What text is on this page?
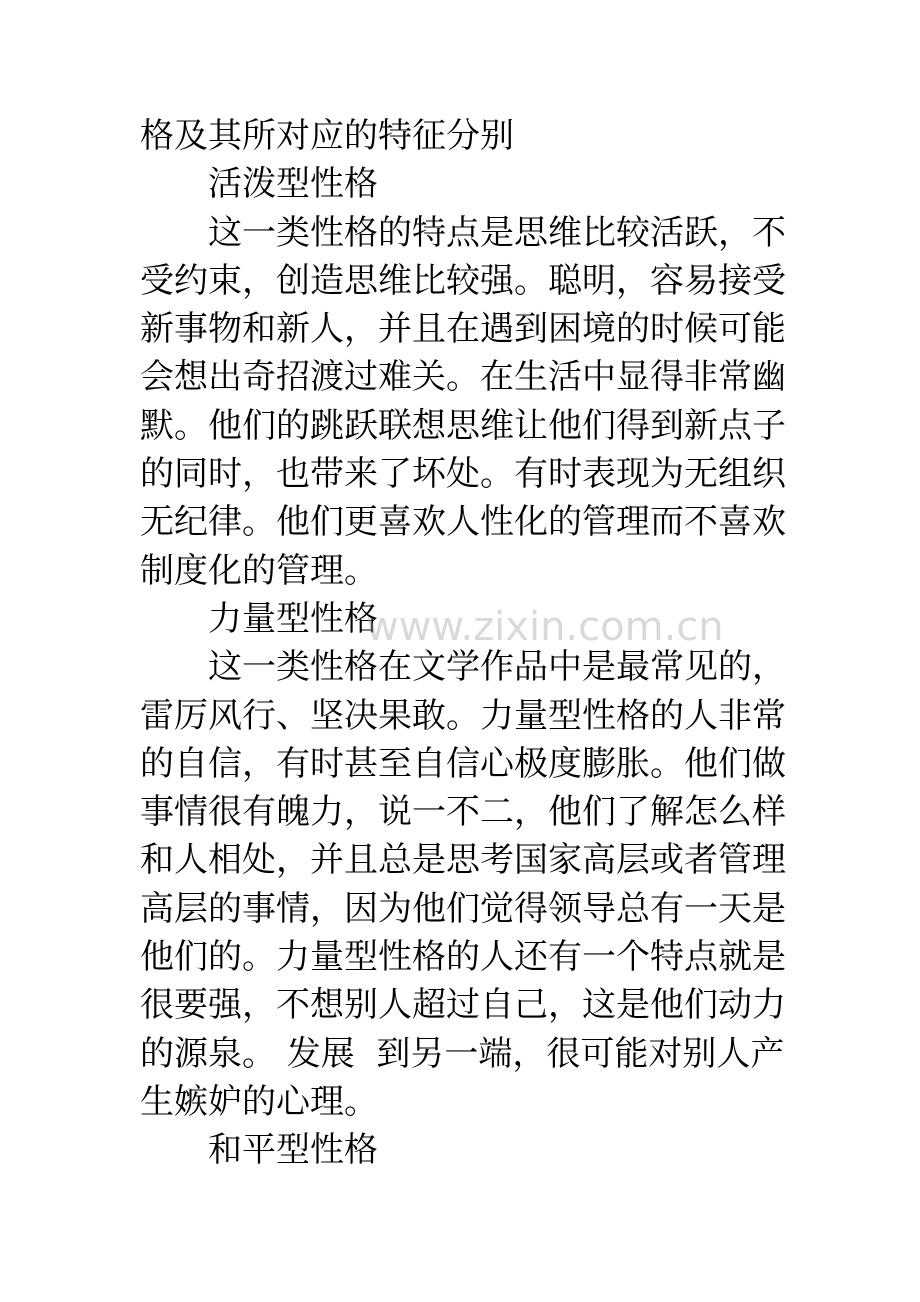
格及其所对应的特征分别
活泼型性格
这一类性格的特点是思维比较活跃，不
受约束，创造思维比较强。聪明，容易接受
新事物和新人，并且在遇到困境的时候可能
会想出奇招渡过难关。在生活中显得非常幽
默。他们的跳跃联想思维让他们得到新点子
的同时，也带来了坏处。有时表现为无组织
无纪律。他们更喜欢人性化的管理而不喜欢
制度化的管理。
力量型性格
这一类性格在文学作品中是最常见的，
雷厉风行、坚决果敢。力量型性格的人非常
的自信，有时甚至自信心极度膨胀。他们做
事情很有魄力，说一不二，他们了解怎么样
和人相处，并且总是思考国家高层或者管理
高层的事情，因为他们觉得领导总有一天是
他们的。力量型性格的人还有一个特点就是
很要强，不想别人超过自己，这是他们动力
的源泉。 发展  到另一端，很可能对别人产
生嫉妒的心理。
和平型性格
www.zixin.com.cn
